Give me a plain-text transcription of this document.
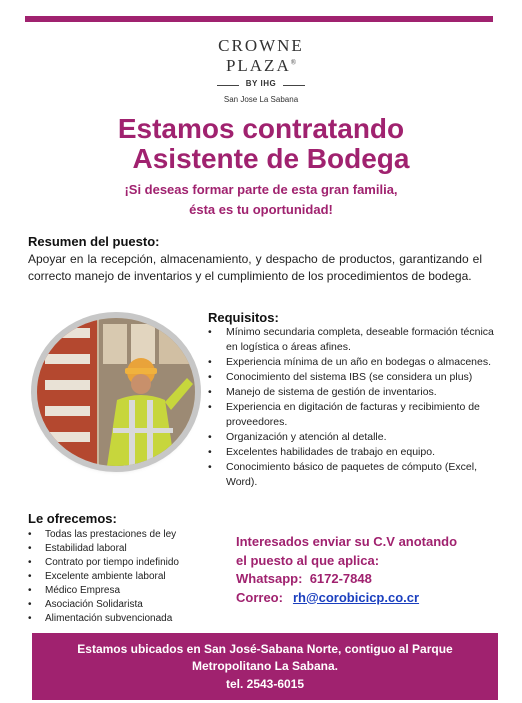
CROWNE
PLAZA®
BY IHG
San Jose La Sabana
Estamos contratando
Asistente de Bodega
¡Si deseas formar parte de esta gran familia,
ésta es tu oportunidad!
Resumen del puesto:
Apoyar en la recepción, almacenamiento, y despacho de productos, garantizando el correcto manejo de inventarios y el cumplimiento de los procedimientos de bodega.
Requisitos:
• Mínimo secundaria completa, deseable formación técnica en logística o áreas afines.
• Experiencia mínima de un año en bodegas o almacenes.
• Conocimiento del sistema IBS (se considera un plus)
• Manejo de sistema de gestión de inventarios.
• Experiencia en digitación de facturas y recibimiento de proveedores.
• Organización y atención al detalle.
• Excelentes habilidades de trabajo en equipo.
• Conocimiento básico de paquetes de cómputo (Excel, Word).
Le ofrecemos:
• Todas las prestaciones de ley
• Estabilidad laboral
• Contrato por tiempo indefinido
• Excelente ambiente laboral
• Médico Empresa
• Asociación Solidarista
• Alimentación subvencionada
Interesados enviar su C.V anotando
el puesto al que aplica:
Whatsapp: 6172-7848
Correo: rh@corobicicp.co.cr
Estamos ubicados en San José-Sabana Norte, contiguo al Parque
Metropolitano La Sabana.
tel. 2543-6015
